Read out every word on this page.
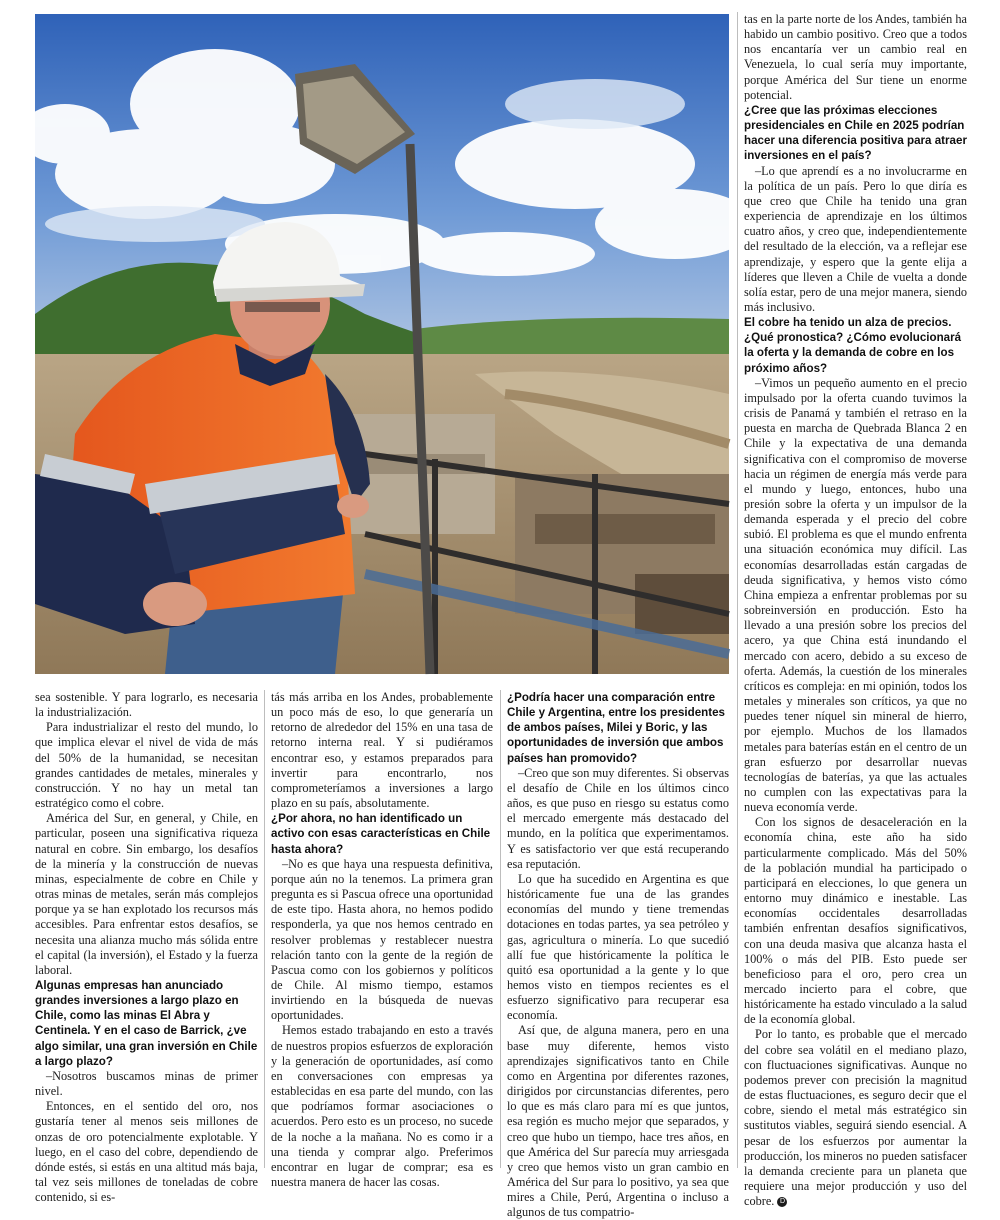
sea sostenible. Y para lograrlo, es necesaria la industrialización.

Para industrializar el resto del mundo, lo que implica elevar el nivel de vida de más del 50% de la humanidad, se necesitan grandes cantidades de metales, minerales y construcción. Y no hay un metal tan estratégico como el cobre.

América del Sur, en general, y Chile, en particular, poseen una significativa riqueza natural en cobre. Sin embargo, los desafíos de la minería y la construcción de nuevas minas, especialmente de cobre en Chile y otras minas de metales, serán más complejos porque ya se han explotado los recursos más accesibles. Para enfrentar estos desafíos, se necesita una alianza mucho más sólida entre el capital (la inversión), el Estado y la fuerza laboral.

Algunas empresas han anunciado grandes inversiones a largo plazo en Chile, como las minas El Abra y Centinela. Y en el caso de Barrick, ¿ve algo similar, una gran inversión en Chile a largo plazo?

–Nosotros buscamos minas de primer nivel.

Entonces, en el sentido del oro, nos gustaría tener al menos seis millones de onzas de oro potencialmente explotable. Y luego, en el caso del cobre, dependiendo de dónde estés, si estás en una altitud más baja, tal vez seis millones de toneladas de cobre contenido, si es-

tás más arriba en los Andes, probablemente un poco más de eso, lo que generaría un retorno de alrededor del 15% en una tasa de retorno interna real. Y si pudiéramos encontrar eso, y estamos preparados para invertir para encontrarlo, nos comprometeríamos a inversiones a largo plazo en su país, absolutamente.

¿Por ahora, no han identificado un activo con esas características en Chile hasta ahora?

–No es que haya una respuesta definitiva, porque aún no la tenemos. La primera gran pregunta es si Pascua ofrece una oportunidad de este tipo. Hasta ahora, no hemos podido responderla, ya que nos hemos centrado en resolver problemas y restablecer nuestra relación tanto con la gente de la región de Pascua como con los gobiernos y políticos de Chile. Al mismo tiempo, estamos invirtiendo en la búsqueda de nuevas oportunidades.

Hemos estado trabajando en esto a través de nuestros propios esfuerzos de exploración y la generación de oportunidades, así como en conversaciones con empresas ya establecidas en esa parte del mundo, con las que podríamos formar asociaciones o acuerdos. Pero esto es un proceso, no sucede de la noche a la mañana. No es como ir a una tienda y comprar algo. Preferimos encontrar en lugar de comprar; esa es nuestra manera de hacer las cosas.

¿Podría hacer una comparación entre Chile y Argentina, entre los presidentes de ambos países, Milei y Boric, y las oportunidades de inversión que ambos países han promovido?

–Creo que son muy diferentes. Si observas el desafío de Chile en los últimos cinco años, es que puso en riesgo su estatus como el mercado emergente más destacado del mundo, en la política que experimentamos. Y es satisfactorio ver que está recuperando esa reputación.

Lo que ha sucedido en Argentina es que históricamente fue una de las grandes economías del mundo y tiene tremendas dotaciones en todas partes, ya sea petróleo y gas, agricultura o minería. Lo que sucedió allí fue que históricamente la política le quitó esa oportunidad a la gente y lo que hemos visto en tiempos recientes es el esfuerzo significativo para recuperar esa economía.

Así que, de alguna manera, pero en una base muy diferente, hemos visto aprendizajes significativos tanto en Chile como en Argentina por diferentes razones, dirigidos por circunstancias diferentes, pero lo que es más claro para mí es que juntos, esa región es mucho mejor que separados, y creo que hubo un tiempo, hace tres años, en que América del Sur parecía muy arriesgada y creo que hemos visto un gran cambio en América del Sur para lo positivo, ya sea que mires a Chile, Perú, Argentina o incluso a algunos de tus compatrio-

tas en la parte norte de los Andes, también ha habido un cambio positivo. Creo que a todos nos encantaría ver un cambio real en Venezuela, lo cual sería muy importante, porque América del Sur tiene un enorme potencial.

¿Cree que las próximas elecciones presidenciales en Chile en 2025 podrían hacer una diferencia positiva para atraer inversiones en el país?

–Lo que aprendí es a no involucrarme en la política de un país. Pero lo que diría es que creo que Chile ha tenido una gran experiencia de aprendizaje en los últimos cuatro años, y creo que, independientemente del resultado de la elección, va a reflejar ese aprendizaje, y espero que la gente elija a líderes que lleven a Chile de vuelta a donde solía estar, pero de una mejor manera, siendo más inclusivo.

El cobre ha tenido un alza de precios. ¿Qué pronostica? ¿Cómo evolucionará la oferta y la demanda de cobre en los próximo años?

–Vimos un pequeño aumento en el precio impulsado por la oferta cuando tuvimos la crisis de Panamá y también el retraso en la puesta en marcha de Quebrada Blanca 2 en Chile y la expectativa de una demanda significativa con el compromiso de moverse hacia un régimen de energía más verde para el mundo y luego, entonces, hubo una presión sobre la oferta y un impulsor de la demanda esperada y el precio del cobre subió. El problema es que el mundo enfrenta una situación económica muy difícil. Las economías desarrolladas están cargadas de deuda significativa, y hemos visto cómo China empieza a enfrentar problemas por su sobreinversión en producción. Esto ha llevado a una presión sobre los precios del acero, ya que China está inundando el mercado con acero, debido a su exceso de oferta. Además, la cuestión de los minerales críticos es compleja: en mi opinión, todos los metales y minerales son críticos, ya que no puedes tener níquel sin mineral de hierro, por ejemplo. Muchos de los llamados metales para baterías están en el centro de un gran esfuerzo por desarrollar nuevas tecnologías de baterías, ya que las actuales no cumplen con las expectativas para la nueva economía verde.

Con los signos de desaceleración en la economía china, este año ha sido particularmente complicado. Más del 50% de la población mundial ha participado o participará en elecciones, lo que genera un entorno muy dinámico e inestable. Las economías occidentales desarrolladas también enfrentan desafíos significativos, con una deuda masiva que alcanza hasta el 100% o más del PIB. Esto puede ser beneficioso para el oro, pero crea un mercado incierto para el cobre, que históricamente ha estado vinculado a la salud de la economía global.

Por lo tanto, es probable que el mercado del cobre sea volátil en el mediano plazo, con fluctuaciones significativas. Aunque no podemos prever con precisión la magnitud de estas fluctuaciones, es seguro decir que el cobre, siendo el metal más estratégico sin sustitutos viables, seguirá siendo esencial. A pesar de los esfuerzos por aumentar la producción, los mineros no pueden satisfacer la demanda creciente para un planeta que requiere una mejor producción y uso del cobre. D
